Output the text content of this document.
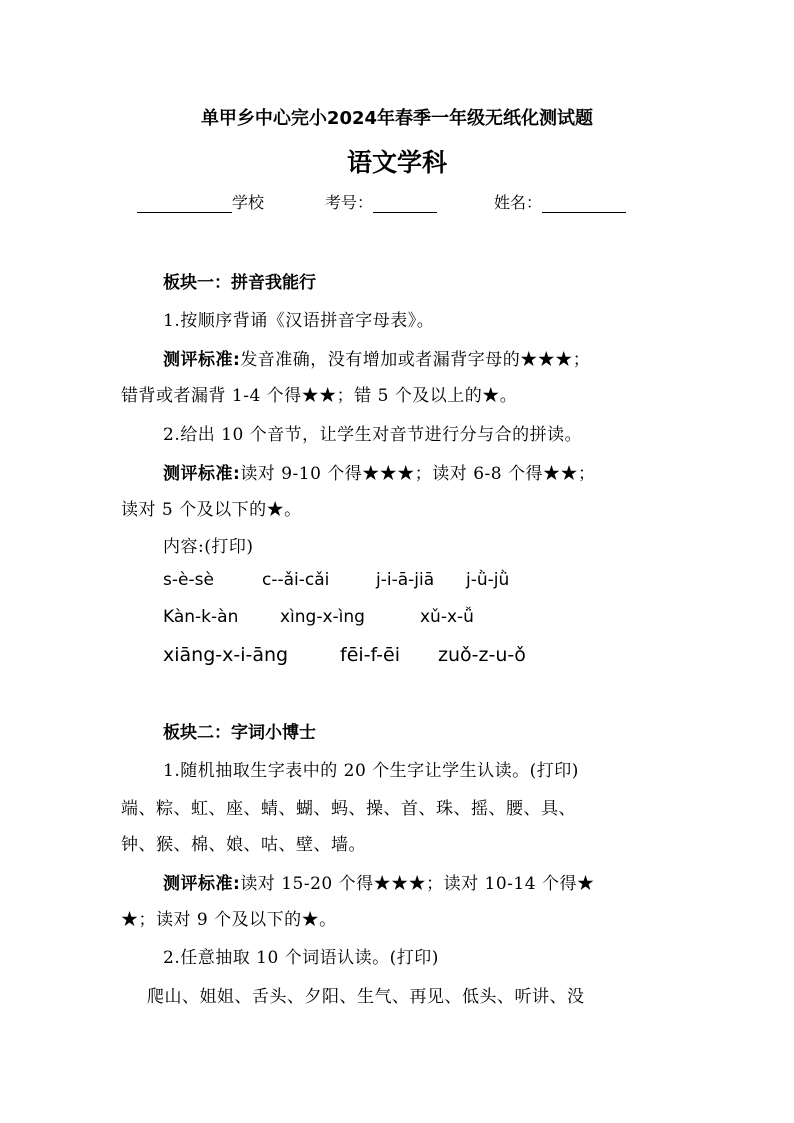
单甲乡中心完小2024年春季一年级无纸化测试题
语文学科
学校	考号：	姓名：
板块一：拼音我能行
1.按顺序背诵《汉语拼音字母表》。
测评标准:发音准确，没有增加或者漏背字母的★★★；
错背或者漏背 1-4 个得★★；错 5 个及以上的★。
2.给出 10 个音节，让学生对音节进行分与合的拼读。
测评标准:读对 9-10 个得★★★；读对 6-8 个得★★；
读对 5 个及以下的★。
内容:(打印)
s-è-sè	c--ǎi-cǎi	j-i-ā-jiā j-ǜ-jǜ
Kàn-k-àn xìng-x-ìng	xǔ-x-ǚ
xiāng-x-i-āng	fēi-f-ēi zuǒ-z-u-ǒ
板块二：字词小博士
1.随机抽取生字表中的 20 个生字让学生认读。(打印)
端、粽、虹、座、蜻、蝴、蚂、操、首、珠、摇、腰、具、
钟、猴、棉、娘、咕、壁、墙。
测评标准:读对 15-20 个得★★★；读对 10-14 个得★
★；读对 9 个及以下的★。
2.任意抽取 10 个词语认读。(打印)
爬山、姐姐、舌头、夕阳、生气、再见、低头、听讲、没
